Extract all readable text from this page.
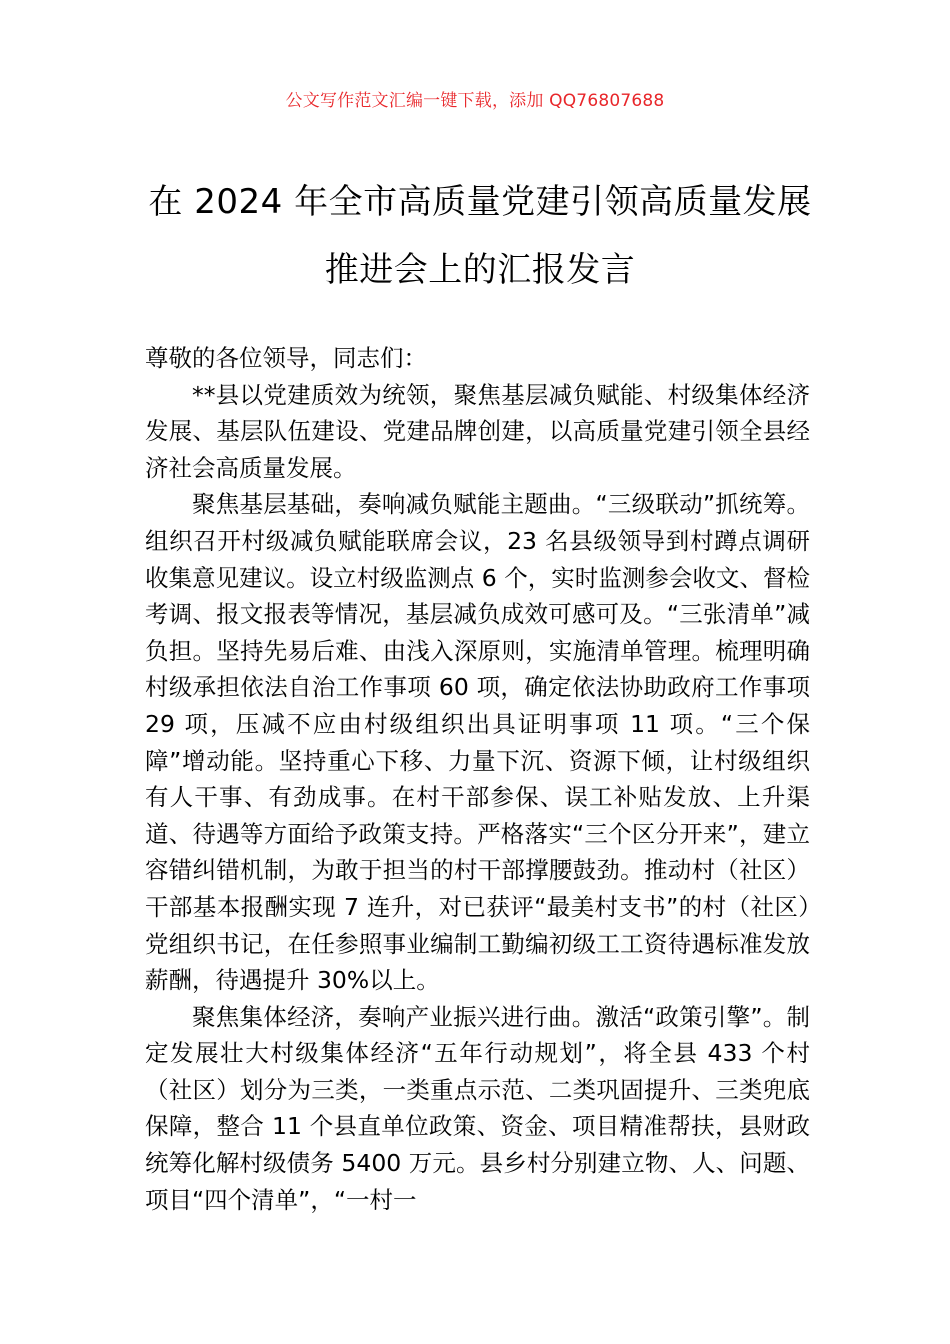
公文写作范文汇编一键下载，添加 QQ76807688
在 2024 年全市高质量党建引领高质量发展
推进会上的汇报发言

尊敬的各位领导，同志们：

**县以党建质效为统领，聚焦基层减负赋能、村级集体经济发展、基层队伍建设、党建品牌创建，以高质量党建引领全县经济社会高质量发展。

聚焦基层基础，奏响减负赋能主题曲。“三级联动”抓统筹。组织召开村级减负赋能联席会议，23 名县级领导到村蹲点调研收集意见建议。设立村级监测点 6 个，实时监测参会收文、督检考调、报文报表等情况，基层减负成效可感可及。“三张清单”减负担。坚持先易后难、由浅入深原则，实施清单管理。梳理明确村级承担依法自治工作事项 60 项，确定依法协助政府工作事项 29 项，压减不应由村级组织出具证明事项 11 项。“三个保障”增动能。坚持重心下移、力量下沉、资源下倾，让村级组织有人干事、有劲成事。在村干部参保、误工补贴发放、上升渠道、待遇等方面给予政策支持。严格落实“三个区分开来”，建立容错纠错机制，为敢于担当的村干部撑腰鼓劲。推动村（社区）干部基本报酬实现 7 连升，对已获评“最美村支书”的村（社区）党组织书记，在任参照事业编制工勤编初级工工资待遇标准发放薪酬，待遇提升 30%以上。

聚焦集体经济，奏响产业振兴进行曲。激活“政策引擎”。制定发展壮大村级集体经济“五年行动规划”，将全县 433 个村（社区）划分为三类，一类重点示范、二类巩固提升、三类兜底保障，整合 11 个县直单位政策、资金、项目精准帮扶，县财政统筹化解村级债务 5400 万元。县乡村分别建立物、人、问题、项目“四个清单”，“一村一
